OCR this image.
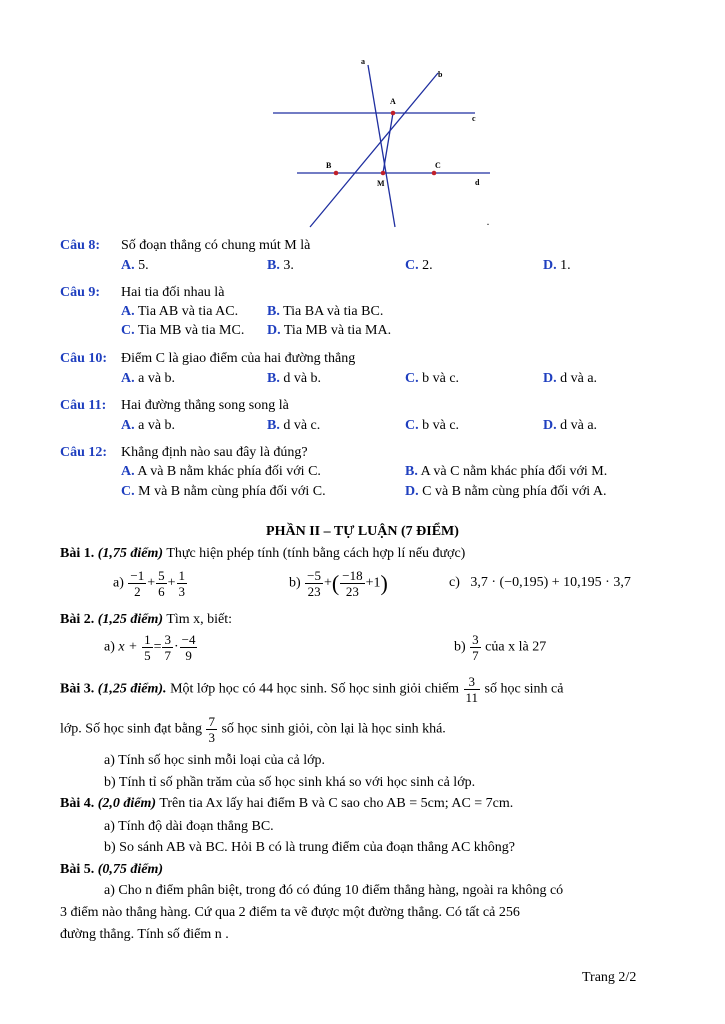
a
b
c
d
A
B	C
M
.
Câu 8: Số đoạn thẳng có chung mút M là
A. 5.	B. 3.	C. 2.	D. 1.
Câu 9: Hai tia đối nhau là
A. Tia AB và tia AC. B. Tia BA và tia BC.
C. Tia MB và tia MC. D. Tia MB và tia MA.
Câu 10: Điểm C là giao điểm của hai đường thẳng
A. a và b.	B. d và b.	C. b và c.	D. d và a.
Câu 11: Hai đường thẳng song song là
A. a và b.	B. d và c.	C. b và c.	D. d và a.
Câu 12: Khẳng định nào sau đây là đúng?
A. A và B nằm khác phía đối với C.	B. A và C nằm khác phía đối với M.
C. M và B nằm cùng phía đối với C.	D. C và B nằm cùng phía đối với A.
PHẦN II – TỰ LUẬN (7 ĐIỂM)
Bài 1. (1,75 điểm) Thực hiện phép tính (tính bằng cách hợp lí nếu được)
$a) \frac{-1}{2} + \frac{5}{6} + \frac{1}{3}$	$b) \frac{-5}{23}$ +( $\frac{-18}{23} +1$)	c) 3,7 · (−0,195) + 10,195 · 3,7
Bài 2. (1,25 điểm) Tìm x, biết:
a) $x + \frac{1}{5} = \frac{3}{7} \cdot \frac{-4}{9}$	$b) \frac{3}{7}$ của x là 27
Bài 3. (1,25 điểm). Một lớp học có 44 học sinh. Số học sinh giỏi chiếm $\frac{3}{11}$ số học sinh cả
lớp. Số học sinh đạt bằng $\frac{7}{3}$ số học sinh giỏi, còn lại là học sinh khá.
a) Tính số học sinh mỗi loại của cả lớp.
b) Tính tỉ số phần trăm của số học sinh khá so với học sinh cả lớp.
Bài 4. (2,0 điểm) Trên tia Ax lấy hai điểm B và C sao cho AB = 5cm; AC = 7cm.
a) Tính độ dài đoạn thẳng BC.
b) So sánh AB và BC. Hỏi B có là trung điểm của đoạn thẳng AC không?
Bài 5. (0,75 điểm)
a) Cho n điểm phân biệt, trong đó có đúng 10 điểm thẳng hàng, ngoài ra không có
3 điểm nào thẳng hàng. Cứ qua 2 điểm ta vẽ được một đường thẳng. Có tất cả 256
đường thẳng. Tính số điểm n .
Trang 2/2
